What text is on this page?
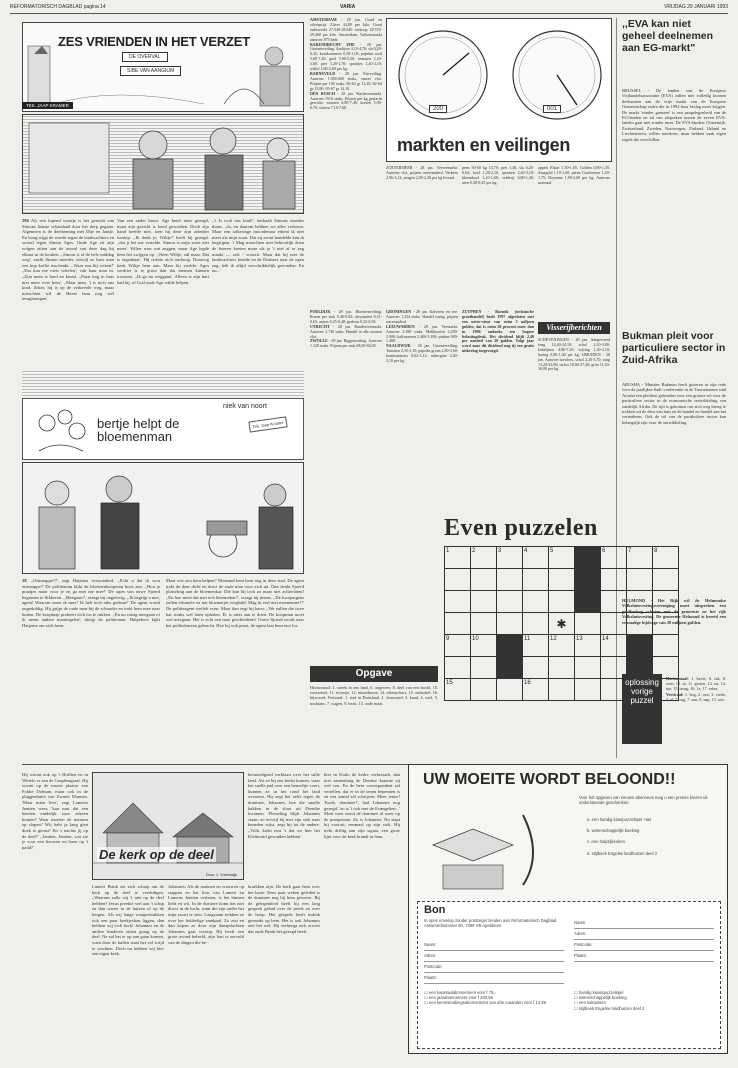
REFORMATORISCH DAGBLAD pagina 14	VARIA	VRIJDAG 29 JANUARI 1993
ZES VRIENDEN IN HET VERZET
DE OVERVAL
SIBE VAN AANGIUM
TEK. JAAP KRAMER
296 Als een lopend vuurtje is het gerucht van Simons laatste schandaad door het dorp gegaan. Algemeen is de deelneming met Dije en Jantje. En hoog stijgt de woede tegen de landwachters en vooral tegen Simon Ages. Oude Age zit zijn volgen zitten aan de avond van deze dag bij elkaar in de keuken. ,,Simon is al de hele middag weg', zucht Simon moeder, terwijl ze haar man een kop koffie inschenkt. ,,Waar zou hij wezen?' ,,Dat kan me niets schelen', valt haar man in. ,,Zijn mem is hard en kinad. ,,Praat hog in huis niet meer over hem'. ,,Maar man, 't is toch ons kind. Zeker, hij is op de verkeerde weg, maar misschien wil de Heere hem nog wel terugbrengen'.
Van een ander hoort. Age heeft niets gezegd, maar zijn gezicht is koud geworden. Doch zijn hand beefde niet, toen hij deze zijn arbeider toeriep. ,,Ik denk je, Wiltje?' heeft hij gezegd. ,,dat ji het me vertelde. Simon is mijn zoon niet meer'. Wilter won wat zeggen, maar Age legde hem het zwijgen op. ,,Neen Wiltje, stil maar. Dat is eigenbaat'. Hij richtte zich omhoog. Donovig keek Wiltje hem aan. Maar hij voelde: Ages verdriet is te groot dan dat mensen kunnen troosten. ,,Ik ga nu weggaan'. Alleen is zijn hart bad bij, of God oude Age wilde helpen.
,,'t Is toch ons kind!', herhaalt Simons moeder thans. ,,Ja, en daarom hebben we alles verloren. Maar een tafkeringe moordenaar erkent ik niet meer als mijn zoon. Dat zij zwart handelde kan ik begrijpen. 't Mag misschien niet behoorlijk doen de boeren koeien maar als je 't niet af te zeg maakt — ook - voorzit. Maar dat hij met de landwachters heulde en de Duitsers naar de ogen zag, heb ik altijd verschrikkelijk gevonden. En nu...'
niek van noort
bertje helpt de bloemenman
Tek. Jaap Kramer
18. ,,Ontsnappe??', zegt Hatjema verwonderd. ,,Echt u dat ik wou ontsnappe?' De politieman kijkt de bloemenkoopman boos aan. ,,Hou je praatjes maar voor je en ga met me mee!' De ogen van ouwe Sjoerd beginnen te flikkeren. ,,Meegaan?', vraagt hij ongelovig. ,,Ik begrijp u niet, agent! Waarom moet ik mee? Ik heb toch niks gedaan?' De agent wordt ongeduldig. Hij grijpt de oude man bij de schouder en trekt hem mee naar buiten. De koopmap probeert zich los te rukken. ,,En nu rustig meegaan of ik neem andere maatregelen', dreigt de politieman. Hulpeloos kijkt Hatjema om zich heen.
Maar wie zou hem helpen? Niemand kent hem nog in deze stad. De agent trekt de deur dicht en duwt de oude man voor zich uit. Dan denkt Sjoerd plotseling aan de bloemenkar. Die kan hij toch zo maar niet achterlaten! ,,En hoe moet dat met m'n bloemekar?', vraagt hij jmens. ,,De kwajongens zullen etfuniele en mn bloemetjes wegbale! Mag ik eerl niet meenenme??' De politieagent weifelt even. Maar dan zegt hij barsc ,,We zullen die twee kar straks wel laten ophalen. Er is niets aan te doen. De koopman moet wel meegaan. Het is echt een nare geschiedenis! Ouwe Sjoerd wordt naar het politiebureau gebracht. Hoe hij ook praat, de agent laat hem niet los.
AMSTERDAM - 28 jan. Goud en zilverprijs. Zilver 44,80 per kilo. Goud onbewerkt 27.040-28.640 verkoop 28.570-29.460 per kilo. Amsterdam, Varkensmarkt aanvoer 875 bedr.
BARENDRECHT ZHE - 28 jan. Groenteveiling. Andijvie 4,10-4,70; sla 0,20-0,45; komkommers 0,58-1,05; paprika rood 5,60-7,20; geel 3,80-5,20; tomaten 2,10-3,60; prei 1,20-1,70; spruitjes 1,40-2,10; witlof 1,80-2,60 per kg.
BARNEVELD - 28 jan. Eierveiling. Aanvoer 1.050.000 stuks, omzet vlot. Prijzen per 100 stuks: 60-62 gr 13,20; 62-64 gr 13,80; 65-67 gr 14,10.
DEN BOSCH - 28 jan. Slachtveemarkt. Aanvoer 1910 stuks. Prijzen per kg geslacht gewicht: vaarzen 6,80-7,40; koeien 5,90-6,70; stieren 7,10-7,60.
GRONINGEN - 28 jan. Kalveren en vee. Aanvoer 1.254 stuks. Handel rustig, prijzen onveranderd.
LEEUWARDEN - 28 jan. Veemarkt. Aanvoer 2.390 stuks. Melkkoeien 2.200-2.900; kalfvaarzen 2.400-3.100; pinken 900-1.400.
NAALDWIJK - 28 jan. Groenteveiling. Tomaten 2,35-3,10; paprika groen 2,80-3,60; komkommers 0,62-1,12; aubergine 2,40-3,10 per kg.
POELDIJK - 28 jan. Bloemenveiling. Rozen per stuk 0,40-0,92; chrysanten 0,31-0,65; anjers 0,25-0,48; gerbera 0,32-0,58.
UTRECHT - 28 jan. Runderveemarkt. Aanvoer 2.740 stuks. Handel in alle soorten vlot.
ZWOLLE - 28 jan. Biggenveiling. Aanvoer 1.120 stuks. Prijzen per stuk 68,00-84,00.
200	001
markten en veilingen
peen 50-60 kg 13,70; prei 1,40; sla 0,20-0,64; kool 1,20-2,10; spruiten 2,40-3,10; bloemkool 1,10-1,60; selderij 0,80-1,40; uien 0,30-0,45 per kg.
appels Elstar 1,30-1,85; Golden 0,90-1,35; Jonagold 1,10-1,60; peren Conference 1,20-1,75; Doyenne 1,90-2,60 per kg. Aanvoer normaal.
ZOETERMEER - 28 jan. Vetveemarkt. Aanvoer vlot, prijzen onveranderd. Varkens 2,96-3,12; zeugen 2,05-2,30 per kg levend.
Visserijberichten
SCHEVENINGEN - 28 jan. Aangevoerd tong 12,40-24,10; schol 2,10-3,80; kabeljauw 4,80-7,20; wijting 1,30-2,10; haring 0,80-1,40 per kg. IJMUIDEN - 28 jan. Aanvoer trawlers, schol 2,20-3,70; tong 13,20-23,90; tarbot 18,00-27,40; griet 11,50-16,80 per kg.
ZUTPHEN - Roemik (technische groothandel) heeft 1997 afgesloten met een netto-winst van ruim 5 miljoen gulden, dat is ruim 20 procent meer dan in 1996 ondanks een hogere belastingdruk. Het dividend blijft 2,40 per aandeel van 20 gulden. Volgt jaar word naar dit dividend nog tij een gratis uitkering toegevoegd.
,,EVA kan niet geheel deelnemen aan EG-markt"
BRUSSEL - De landen van de Europese Vrijhandelsassociatie (EVA) zullen niet volledig kunnen deelnemen aan de vrije markt van de Europese Gemeenschap zodra die in 1992 haar beslag moet krijgen. De markt 'zonder grenzen' is een aangelegenheid van de EG-landen en tal van afspraken tussen de zeven EVA-landen gaat niet zonder meer. De EVA-landen: Oostenrijk, Zwitserland, Zweden, Noorwegen, Finland, IJsland en Liechtenstein, willen meedoen, maar hebben vaak eigen regels die verschillen.
Bukman pleit voor particuliere sector in Zuid-Afrika
ARUSHA - Minister Bukman heeft gisteren in zijn rede voor de jaarlijkse Sadc-conferentie in de Tanzaniaanse stad Arusha een pleidooi gehouden voor een grotere rol voor de particuliere sector in de economische ontwikkeling van zuidelijk Afrika. De tijd is gekomen om zich weg breug te trekken uit de deur van huis en de handel en handel aan het veranderen. Ook de rol van de partikuliere sector kan belangrijk zijn voor de ontwikkeling.
HELMOND - Het Rijk wil de Helmondse Volkshuisvestingsvereniging moet uitspreken een geldbedrag schoten met de gemeente en het rijk Volkshuisvesting. De gemeente Helmond is bereid een eenmalige bijdrage van 28 miljoen gulden.
Even puzzelen
1	2	3	4	5		6	7	8

				✱				
9	10		11	12	13	14		

15			16					
Opgave
Horizontaal: 1. streek in ons land, 6. ongeveer, 8. deel van een hoofd, 10. voorzetsel, 11. riviertje, 12. muzieknoot, 14. eikenschors, 15. omhulsel, 16. bijwoord. Verticaal: 1. stad in Duitsland, 2. slotwoord, 3. koud, 4. wiel, 5. nochtans, 7. wagen, 9. bezit, 13. oude maat.
oplossing vorige puzzel
Horizontaal: 1. bever, 6. lak, 8. oren, 10. ia, 11. gesien, 12. na, 14. nie, 15. terug, 16. 1e, 17. erker.
Verticaal: 1. bog, 2. oen, 3. vrede, 4. el, 5. rug, 7. aan, 9. nap, 13. ave.
Hij woont ook op 't Hoffien en in Wittelo er aan de Graphengraaf. Hij woont op de mooie plaatse van Fokke Dolman, maar ook in de plaggenhutte van Zwarte Mannen. 'Maar mien leve', zegt Lamerts Jentien weer, 'kan mut dat een beetien eindelijk voor zekeen komen? Waar moeten de mensen op slapen? Wij hebt ja lang gien doek te gerust! En 's nachts jij op de deel?' ,,Jentien, Jentien, wat zie je voor een lieuwen en boen op 't padd?'	De kerk op de deel
Door J. Vreeswijk
Lamert Brink zet zich schrap om de kerk op de deel te verdedigen. ,,Waarom zalle wij 't niet op de deel hebben? Jezus preekte wel aan 't schip en dan waren in de huizen of op de bergen. Als wij lange waagenstukken ook een paar koekjesban liggen, dan hebben wij toch kerk! Johannes en de andere kinderen zitten graag op de deel. Ne zal het er op aan gaan komen, want door de bulten staat het vol strijd te wachten. Doch nu hebben wij hier een eigen kerk.
Johannes: Als de mannen en vrouwen op stappen en het huis van Lamert en Lamerts Jentien verlaten, is het binnen lieht en wit. In de duistere komt het niet direct in de lucht, want die zijn onder het mijn zwart te zien. Langzaam trekken ze over het hobbelige zandpad. Zo zou en dan kopen ze door zijn dampslachten Johannes gaat voorop. Hij heeft een grote avond beleefd, zijn hart is vervuld van de dingen die be-
bruikken zijn. De kerk gaat hem over het harte. Eens paar weken geleden is de dominee nog bij hem geweest. Bij de gelegenheid heeft hij een lang gesprek gehad over de preek en over de hoop. Het gesprek heeft indruk gemaakt op hem. Het is ook Johannes ziet het wel. Hij verheugt zich erover dat oude Brink het gezegd heeft.
hier in Kralo de kerke verbrasadt, dan niet zantenhuig de Drentse kraanie zij wel ven. En de heer correspondent zal vertellen, dat er in de tenen bepennen is en een aantal zal schrijven. Meer tenoe! 'Koek, dominee!', had Johannes nog gezegd, 'zo is 't ook met de Evangelien...' Moet toen stond de dominee al weer op de pompstraat. Zo is Johannes. Nu stapt hij vooruit, eenmaal op zijn stok. Hij trekt driftig aan zijn sigaar, een grote lijnt voor de kerk brandt in hem.
bemoedigend verklaart over het stille land. Als ze bij een boekt komen, waar het snelle pad over een heuveltje voert, kunnen ze in het rond het land overzien. Hij zegt het zelfs tegen de dominee, Jehannes, hoe die smalle hakken in de sloot uit Drenthe kwamen. Plotseling blijft Johannes staan; zo terwijl hij met zijn stok naar beneden wijst, zegt hij tot de andere. ,,Volk, kiekt nou 's dat we hier het Kleinrond gevonden hebben.'
UW MOEITE WORDT BELOOND!!
Voor het opgeven van nieuwe abonnees mag u een premie kiezen uit onderstaande geschenken:
a. een handig kaaspuzzelspel +tas
b. wetenschappelijk boeking
c. een hulpzijkeuken
d. stijlboek Engelse landhuizen deel 2
Bon
In open envelop zonder postzegel zenden aan Reformatorisch Dagblad, Antwoordnummer 60, 7300 VB Apeldoorn
Naam:
Adres:
Postcode:
Plaats:
Naam:
Adres:
Postcode:
Plaats:
☐ een kwartaalabonnement voor f 75,-
☐ een jaarabonnement voor f 260,55
☐ een kennismakingsabonnement van drie maanden voor f 12,95
☐ handig kaasspuzzelspel
☐ wetenschappelijk boeking
☐ een kaktussen
☐ stijlboek Engelse landhuizen deel 2
